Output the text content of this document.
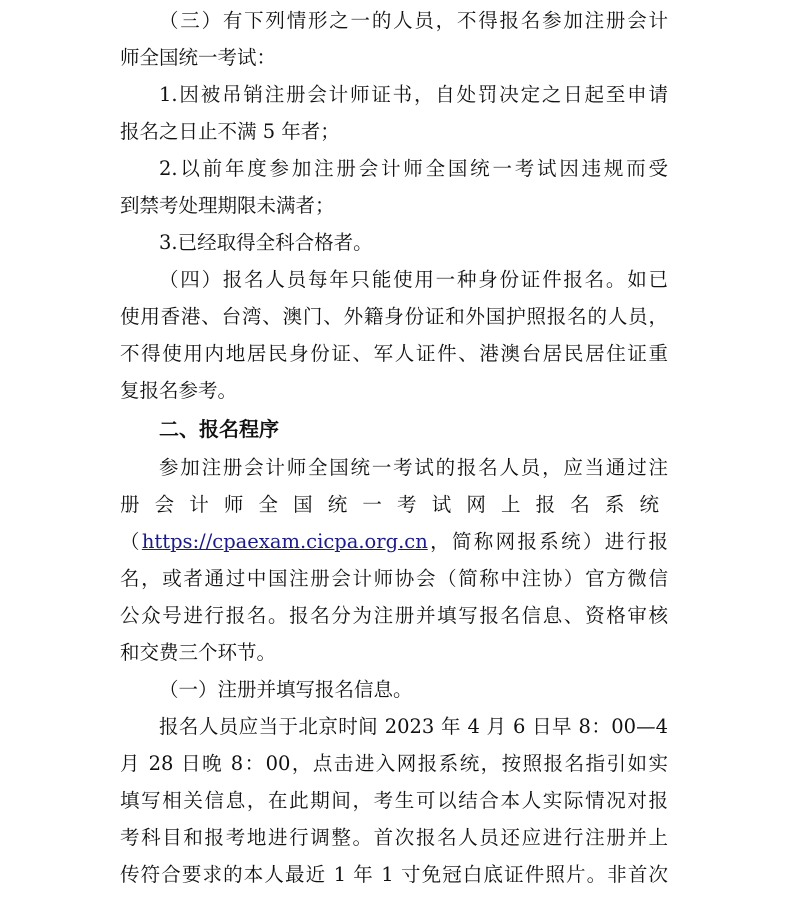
（三）有下列情形之一的人员，不得报名参加注册会计
师全国统一考试：
1.因被吊销注册会计师证书，自处罚决定之日起至申请
报名之日止不满 5 年者；
2.以前年度参加注册会计师全国统一考试因违规而受
到禁考处理期限未满者；
3.已经取得全科合格者。
（四）报名人员每年只能使用一种身份证件报名。如已
使用香港、台湾、澳门、外籍身份证和外国护照报名的人员，
不得使用内地居民身份证、军人证件、港澳台居民居住证重
复报名参考。
二、报名程序
参加注册会计师全国统一考试的报名人员，应当通过注
册会计师全国统一考试网上报名系统
（https://cpaexam.cicpa.org.cn，简称网报系统）进行报
名，或者通过中国注册会计师协会（简称中注协）官方微信
公众号进行报名。报名分为注册并填写报名信息、资格审核
和交费三个环节。
（一）注册并填写报名信息。
报名人员应当于北京时间 2023 年 4 月 6 日早 8：00—4
月 28 日晚 8：00，点击进入网报系统，按照报名指引如实
填写相关信息，在此期间，考生可以结合本人实际情况对报
考科目和报考地进行调整。首次报名人员还应进行注册并上
传符合要求的本人最近 1 年 1 寸免冠白底证件照片。非首次
